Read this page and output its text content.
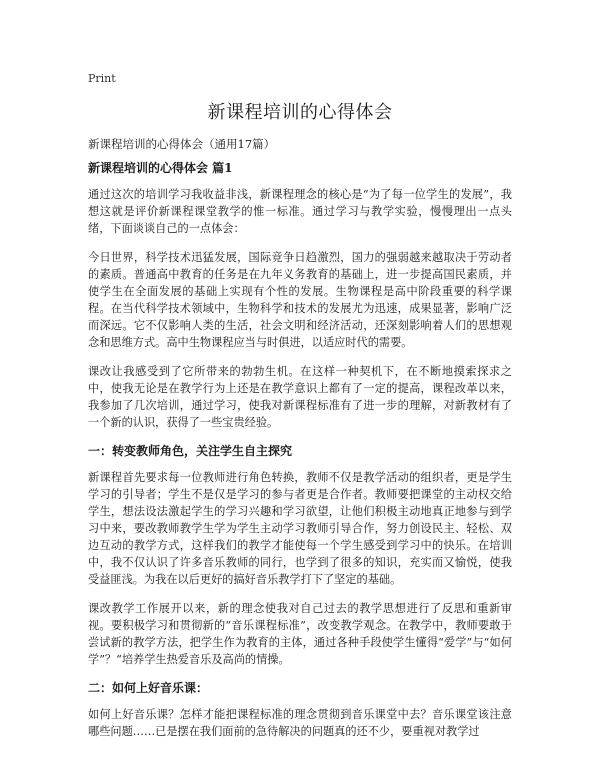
Print
新课程培训的心得体会
新课程培训的心得体会（通用17篇）
新课程培训的心得体会 篇1

通过这次的培训学习我收益非浅，新课程理念的核心是“为了每一位学生的发展”，我想这就是评价新课程课堂教学的惟一标准。通过学习与教学实验，慢慢理出一点头绪，下面谈谈自己的一点体会：

今日世界，科学技术迅猛发展，国际竞争日趋激烈，国力的强弱越来越取决于劳动者的素质。普通高中教育的任务是在九年义务教育的基础上，进一步提高国民素质，并使学生在全面发展的基础上实现有个性的发展。生物课程是高中阶段重要的科学课程。在当代科学技术领域中，生物科学和技术的发展尤为迅速，成果显著，影响广泛而深远。它不仅影响人类的生活，社会文明和经济活动，还深刻影响着人们的思想观念和思维方式。高中生物课程应当与时俱进，以适应时代的需要。

课改让我感受到了它所带来的勃勃生机。在这样一种契机下，在不断地摸索探求之中，使我无论是在教学行为上还是在教学意识上都有了一定的提高，课程改革以来，我参加了几次培训，通过学习，使我对新课程标准有了进一步的理解，对新教材有了一个新的认识，获得了一些宝贵经验。

一：转变教师角色，关注学生自主探究

新课程首先要求每一位教师进行角色转换，教师不仅是教学活动的组织者，更是学生学习的引导者；学生不是仅是学习的参与者更是合作者。教师要把课堂的主动权交给学生，想法设法激起学生的学习兴趣和学习欲望，让他们积极主动地真正地参与到学习中来，要改教师教学生学为学生主动学习教师引导合作，努力创设民主、轻松、双边互动的教学方式，这样我们的教学才能使每一个学生感受到学习中的快乐。在培训中，我不仅认识了许多音乐教师的同行，也学到了很多的知识，充实而又愉悦，使我受益匪浅。为我在以后更好的搞好音乐教学打下了坚定的基础。

课改教学工作展开以来，新的理念使我对自己过去的教学思想进行了反思和重新审视。要积极学习和贯彻新的“音乐课程标准”，改变教学观念。在教学中，教师要敢于尝试新的教学方法，把学生作为教育的主体，通过各种手段使学生懂得“爱学”与“如何学”？“培养学生热爱音乐及高尚的情操。

二：如何上好音乐课：

如何上好音乐课？怎样才能把课程标准的理念贯彻到音乐课堂中去？音乐课堂该注意哪些问题……已是摆在我们面前的急待解决的问题真的还不少，要重视对教学过
